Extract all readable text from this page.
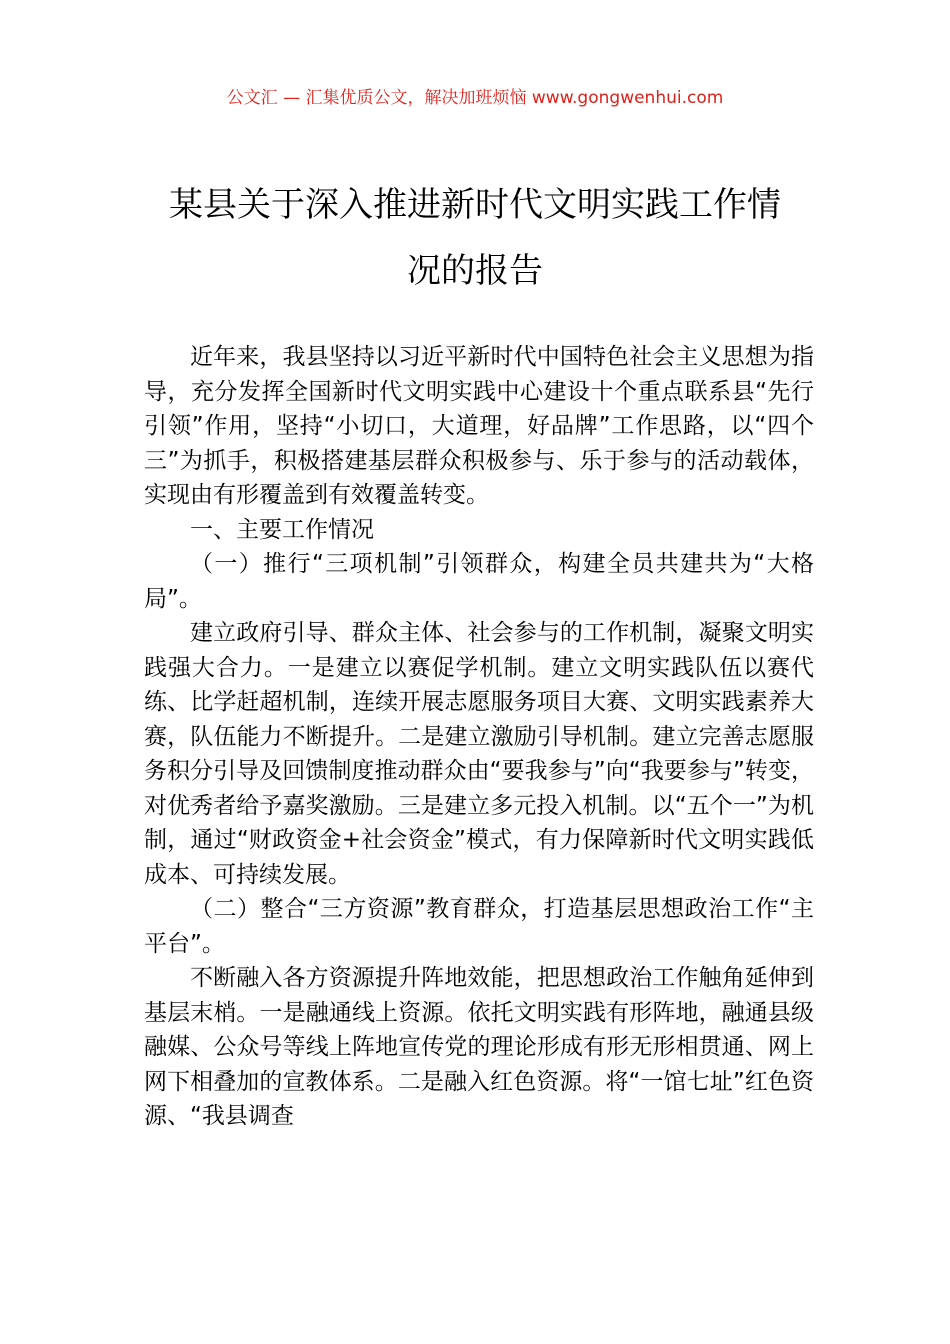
公文汇 — 汇集优质公文，解决加班烦恼 www.gongwenhui.com
某县关于深入推进新时代文明实践工作情
况的报告

近年来，我县坚持以习近平新时代中国特色社会主义思想为指导，充分发挥全国新时代文明实践中心建设十个重点联系县“先行引领”作用，坚持“小切口，大道理，好品牌”工作思路，以“四个三”为抓手，积极搭建基层群众积极参与、乐于参与的活动载体，实现由有形覆盖到有效覆盖转变。

一、主要工作情况

（一）推行“三项机制”引领群众，构建全员共建共为“大格局”。

建立政府引导、群众主体、社会参与的工作机制，凝聚文明实践强大合力。一是建立以赛促学机制。建立文明实践队伍以赛代练、比学赶超机制，连续开展志愿服务项目大赛、文明实践素养大赛，队伍能力不断提升。二是建立激励引导机制。建立完善志愿服务积分引导及回馈制度推动群众由“要我参与”向“我要参与”转变，对优秀者给予嘉奖激励。三是建立多元投入机制。以“五个一”为机制，通过“财政资金+社会资金”模式，有力保障新时代文明实践低成本、可持续发展。

（二）整合“三方资源”教育群众，打造基层思想政治工作“主平台”。

不断融入各方资源提升阵地效能，把思想政治工作触角延伸到基层末梢。一是融通线上资源。依托文明实践有形阵地，融通县级融媒、公众号等线上阵地宣传党的理论形成有形无形相贯通、网上网下相叠加的宣教体系。二是融入红色资源。将“一馆七址”红色资源、“我县调查
